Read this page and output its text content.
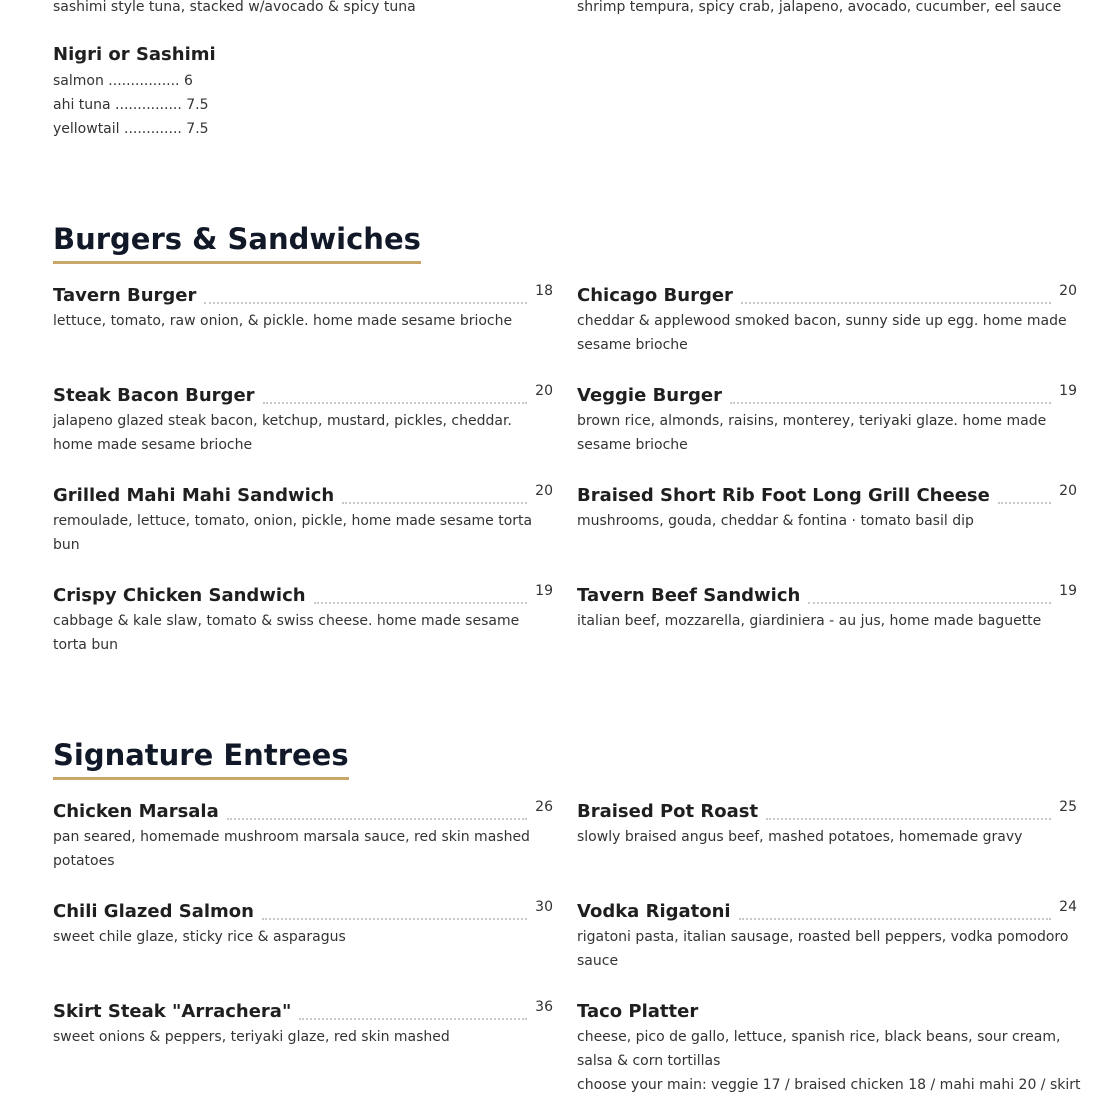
sashimi style tuna, stacked w/avocado & spicy tuna	shrimp tempura, spicy crab, jalapeno, avocado, cucumber, eel sauce
Nigri or Sashimi
salmon ................ 6
ahi tuna ............... 7.5
yellowtail ............. 7.5
Burgers & Sandwiches
Tavern Burger	18

lettuce, tomato, raw onion, & pickle. home made sesame brioche

Chicago Burger	20

cheddar & applewood smoked bacon, sunny side up egg. home made sesame brioche

Steak Bacon Burger	20

jalapeno glazed steak bacon, ketchup, mustard, pickles, cheddar. home made sesame brioche

Veggie Burger	19

brown rice, almonds, raisins, monterey, teriyaki glaze. home made sesame brioche

Grilled Mahi Mahi Sandwich	20

remoulade, lettuce, tomato, onion, pickle, home made sesame torta bun

Braised Short Rib Foot Long Grill Cheese	20

mushrooms, gouda, cheddar & fontina · tomato basil dip

Crispy Chicken Sandwich	19

cabbage & kale slaw, tomato & swiss cheese. home made sesame torta bun

Tavern Beef Sandwich	19

italian beef, mozzarella, giardiniera - au jus, home made baguette

Signature Entrees
Chicken Marsala	26

pan seared, homemade mushroom marsala sauce, red skin mashed potatoes

Braised Pot Roast	25

slowly braised angus beef, mashed potatoes, homemade gravy

Chili Glazed Salmon	30

sweet chile glaze, sticky rice & asparagus

Vodka Rigatoni	24

rigatoni pasta, italian sausage, roasted bell peppers, vodka pomodoro sauce

Skirt Steak "Arrachera"	36

sweet onions & peppers, teriyaki glaze, red skin mashed

Taco Platter

cheese, pico de gallo, lettuce, spanish rice, black beans, sour cream, salsa & corn tortillas

choose your main: veggie 17 / braised chicken 18 / mahi mahi 20 / skirt
